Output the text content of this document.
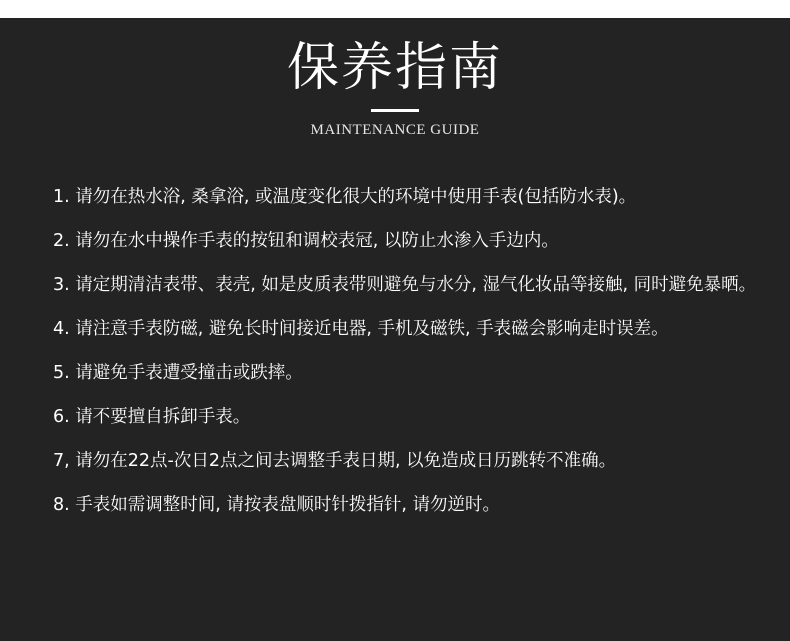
保养指南
MAINTENANCE GUIDE
1. 请勿在热水浴, 桑拿浴, 或温度变化很大的环境中使用手表(包括防水表)。
2. 请勿在水中操作手表的按钮和调校表冠, 以防止水渗入手边内。
3. 请定期清洁表带、表壳, 如是皮质表带则避免与水分, 湿气化妆品等接触, 同时避免暴晒。
4. 请注意手表防磁, 避免长时间接近电器, 手机及磁铁, 手表磁会影响走时误差。
5. 请避免手表遭受撞击或跌摔。
6. 请不要擅自拆卸手表。
7, 请勿在22点-次日2点之间去调整手表日期, 以免造成日历跳转不准确。
8. 手表如需调整时间, 请按表盘顺时针拨指针, 请勿逆时。
